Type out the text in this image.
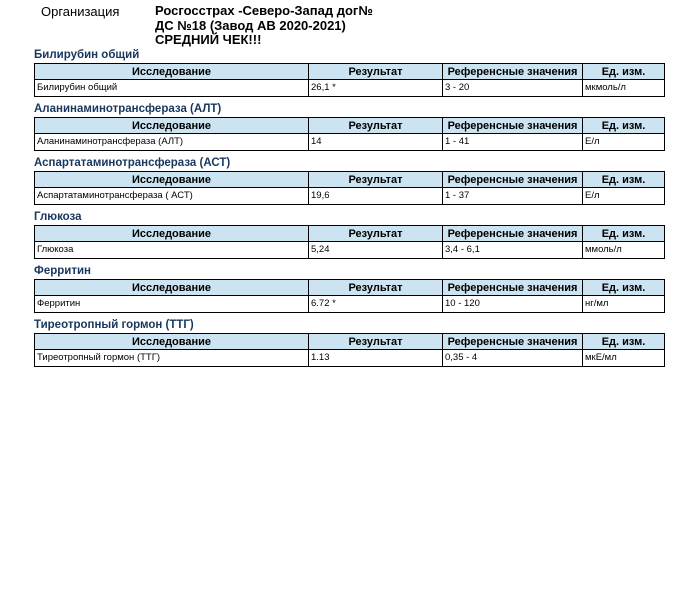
Организация	Росгосстрах -Северо-Запад дог№
ДС №18 (Завод АВ 2020-2021)
СРЕДНИЙ ЧЕК!!!
Билирубин общий
Исследование	Результат	Референсные значения	Ед. изм.
Билирубин общий	26,1 *	3 - 20	мкмоль/л
Аланинаминотрансфераза (АЛТ)
Исследование	Результат	Референсные значения	Ед. изм.
Аланинаминотрансфераза (АЛТ)	14	1 - 41	Е/л
Аспартатаминотрансфераза (АСТ)
Исследование	Результат	Референсные значения	Ед. изм.
Аспартатаминотрансфераза ( АСТ)	19,6	1 - 37	Е/л
Глюкоза
Исследование	Результат	Референсные значения	Ед. изм.
Глюкоза	5,24	3,4 - 6,1	ммоль/л
Ферритин
Исследование	Результат	Референсные значения	Ед. изм.
Ферритин	6.72 *	10 - 120	нг/мл
Тиреотропный гормон (ТТГ)
Исследование	Результат	Референсные значения	Ед. изм.
Тиреотропный гормон (ТТГ)	1.13	0,35 - 4	мкЕ/мл
